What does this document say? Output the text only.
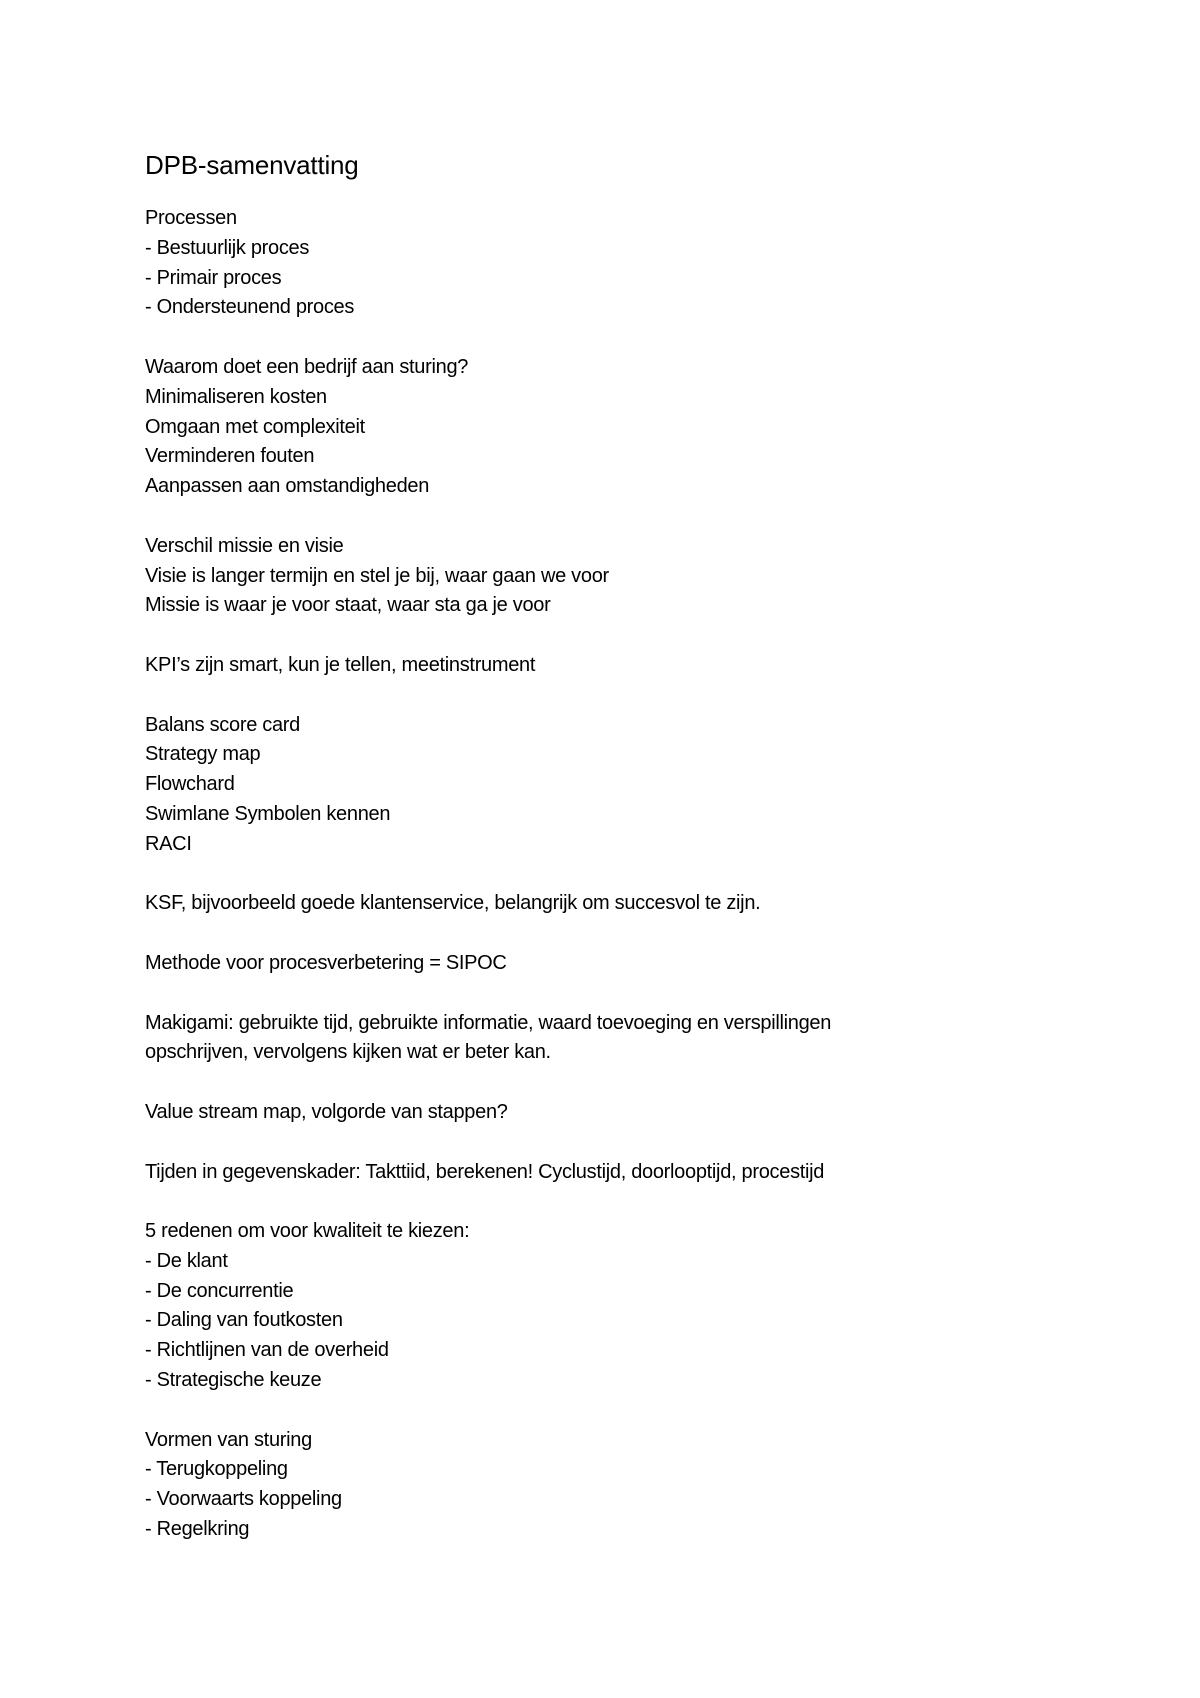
DPB-samenvatting
Processen
- Bestuurlijk proces
- Primair proces
- Ondersteunend proces
Waarom doet een bedrijf aan sturing?
Minimaliseren kosten
Omgaan met complexiteit
Verminderen fouten
Aanpassen aan omstandigheden
Verschil missie en visie
Visie is langer termijn en stel je bij, waar gaan we voor
Missie is waar je voor staat, waar sta ga je voor
KPI’s zijn smart, kun je tellen, meetinstrument
Balans score card
Strategy map
Flowchard
Swimlane Symbolen kennen
RACI
KSF, bijvoorbeeld goede klantenservice, belangrijk om succesvol te zijn.
Methode voor procesverbetering = SIPOC
Makigami: gebruikte tijd, gebruikte informatie, waard toevoeging en verspillingen
opschrijven, vervolgens kijken wat er beter kan.
Value stream map, volgorde van stappen?
Tijden in gegevenskader: Takttiid, berekenen! Cyclustijd, doorlooptijd, procestijd
5 redenen om voor kwaliteit te kiezen:
- De klant
- De concurrentie
- Daling van foutkosten
- Richtlijnen van de overheid
- Strategische keuze
Vormen van sturing
- Terugkoppeling
- Voorwaarts koppeling
- Regelkring
